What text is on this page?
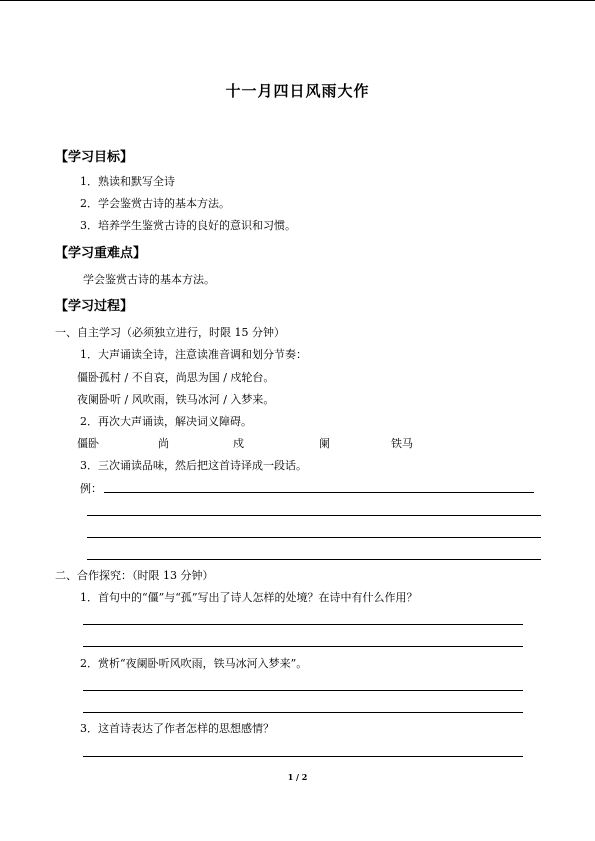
十一月四日风雨大作
【学习目标】
1．熟读和默写全诗
2．学会鉴赏古诗的基本方法。
3．培养学生鉴赏古诗的良好的意识和习惯。
【学习重难点】
学会鉴赏古诗的基本方法。
【学习过程】
一、自主学习（必须独立进行，时限 15 分钟）
1．大声诵读全诗，注意读准音调和划分节奏：
僵卧孤村 / 不自哀，尚思为国 / 戍轮台。
夜阑卧听 / 风吹雨，铁马冰河 / 入梦来。
2．再次大声诵读，解决词义障碍。
僵卧	尚	戍	阑	铁马
3．三次诵读品味，然后把这首诗译成一段话。
例：
二、合作探究：（时限 13 分钟）
1．首句中的“僵”与“孤”写出了诗人怎样的处境？在诗中有什么作用？
2．赏析“夜阑卧听风吹雨，铁马冰河入梦来”。
3．这首诗表达了作者怎样的思想感情？
1 / 2
